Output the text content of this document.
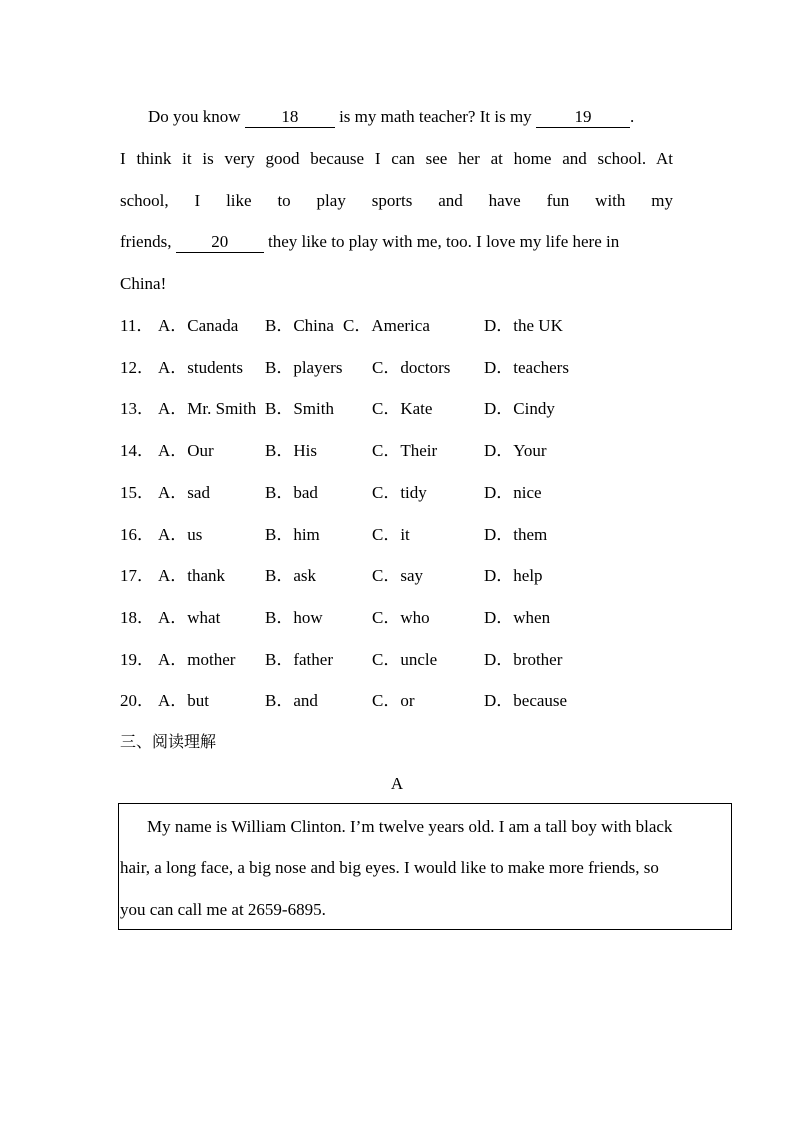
Do you know 18 is my math teacher? It is my	19 .
I think it is very good because I can see her at home and school. At
school, I like to play sports and have fun with my
friends, 20 they like to play with me, too. I love my life here in
China!
11． A．Canada B．China C．America	D．the UK
12． A．students B．players C．doctors D．teachers
13． A．Mr. Smith B．Smith C．Kate	D．Cindy
14． A．Our	B．His	C．Their	D．Your
15． A．sad	B．bad	C．tidy	D．nice
16． A．us	B．him	C．it	D．them
17． A．thank B．ask	C．say	D．help
18． A．what	B．how	C．who	D．when
19． A．mother B．father C．uncle	D．brother
20． A．but	B．and	C．or	D．because
三、阅读理解
A
My name is William Clinton. I’m twelve years old. I am a tall boy with black
hair, a long face, a big nose and big eyes. I would like to make more friends, so
you can call me at 2659-6895.
